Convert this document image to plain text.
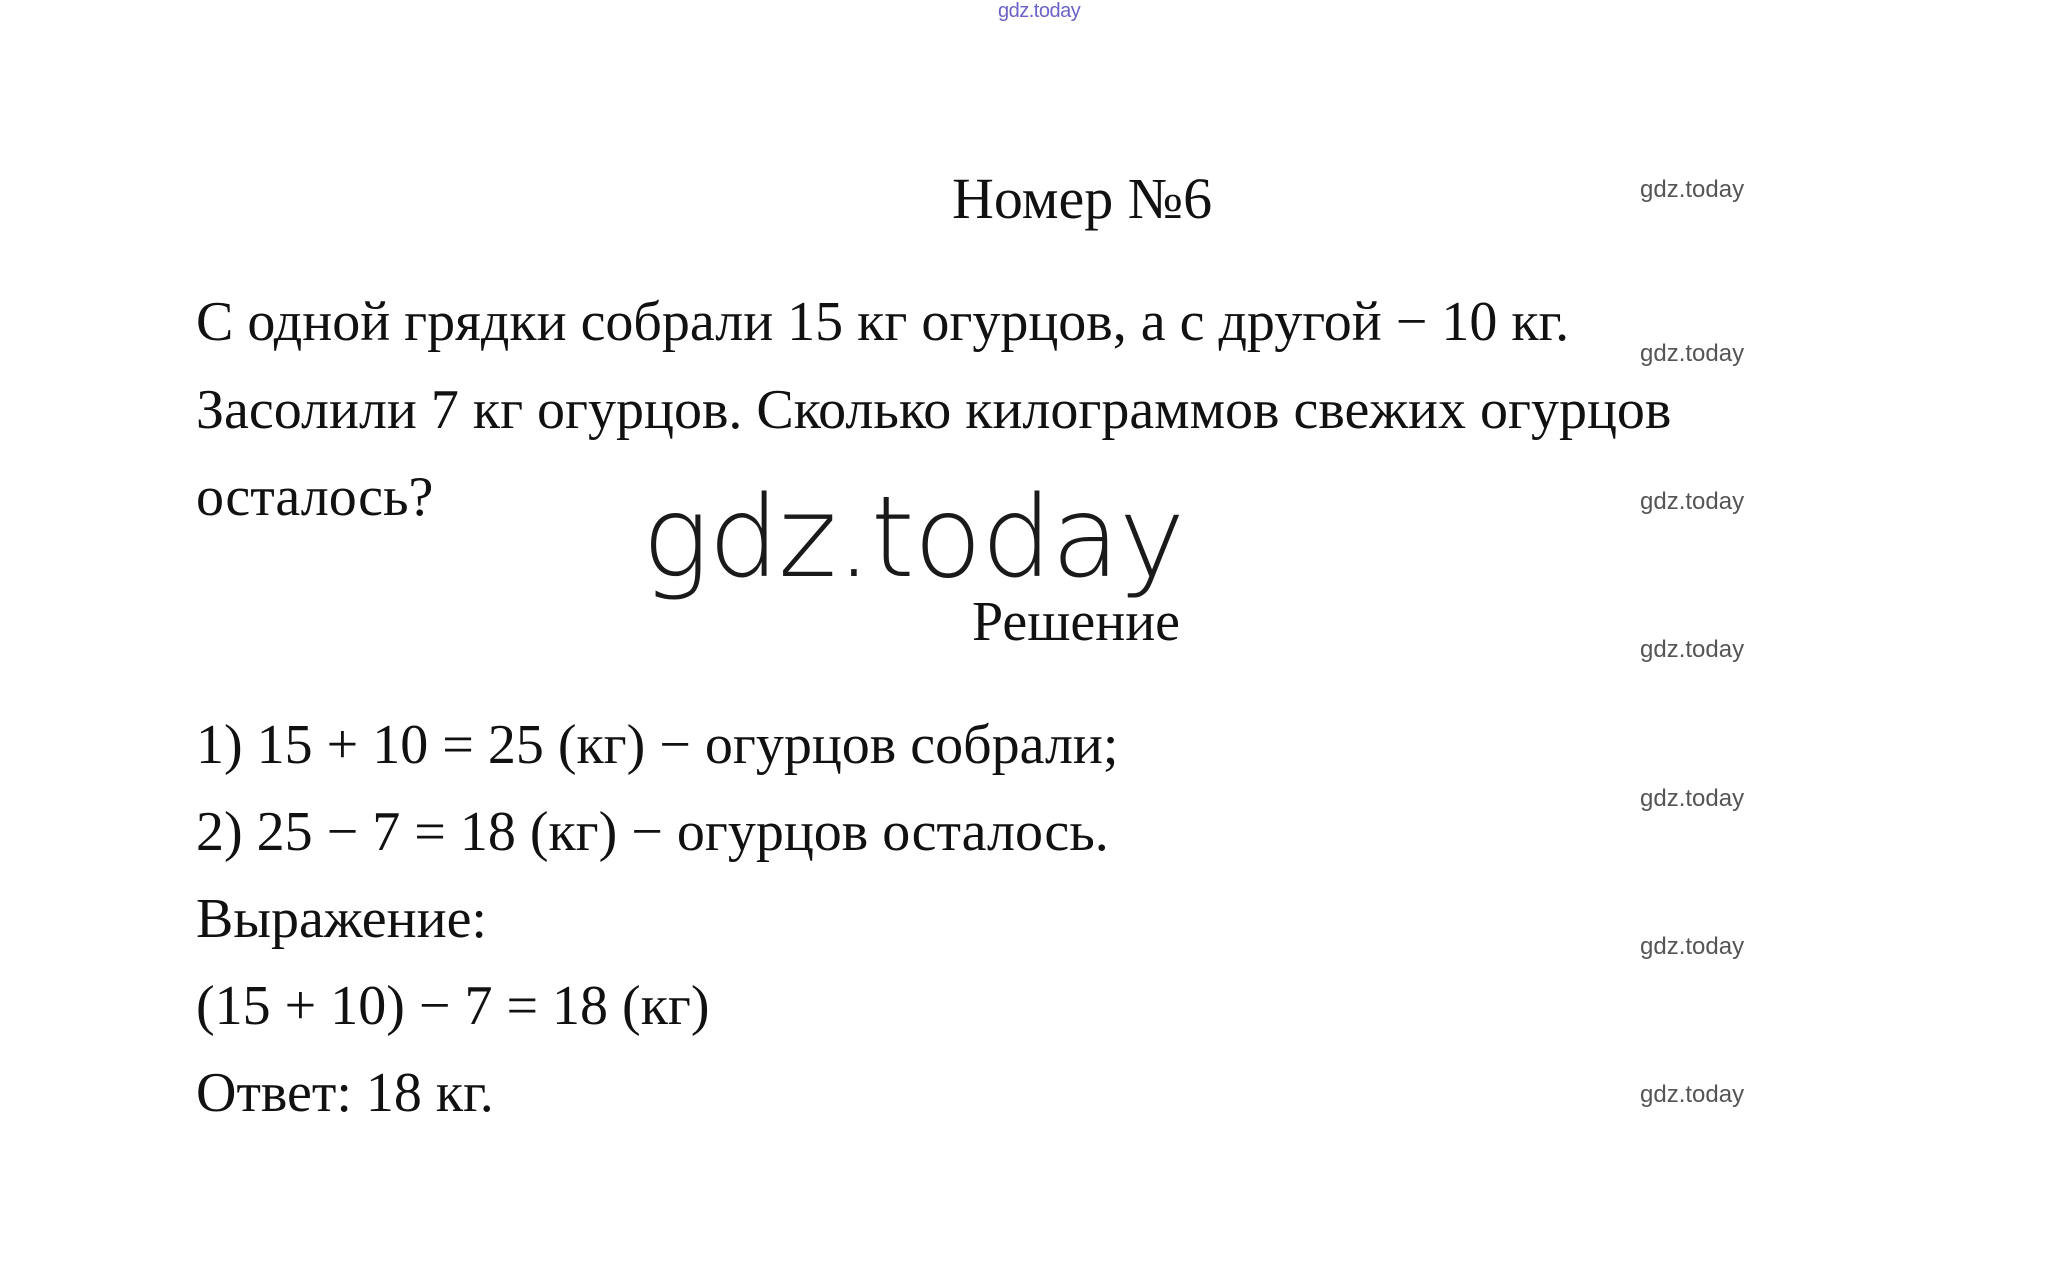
gdz.today
Номер №6
С одной грядки собрали 15 кг огурцов, а с другой − 10 кг.
Засолили 7 кг огурцов. Сколько килограммов свежих огурцов
осталось? gdz.today
Решение
1) 15 + 10 = 25 (кг) − огурцов собрали;
2) 25 − 7 = 18 (кг) − огурцов осталось.
Выражение:
(15 + 10) − 7 = 18 (кг)
Ответ: 18 кг.
gdz.today
gdz.today
gdz.today
gdz.today
gdz.today
gdz.today
gdz.today
